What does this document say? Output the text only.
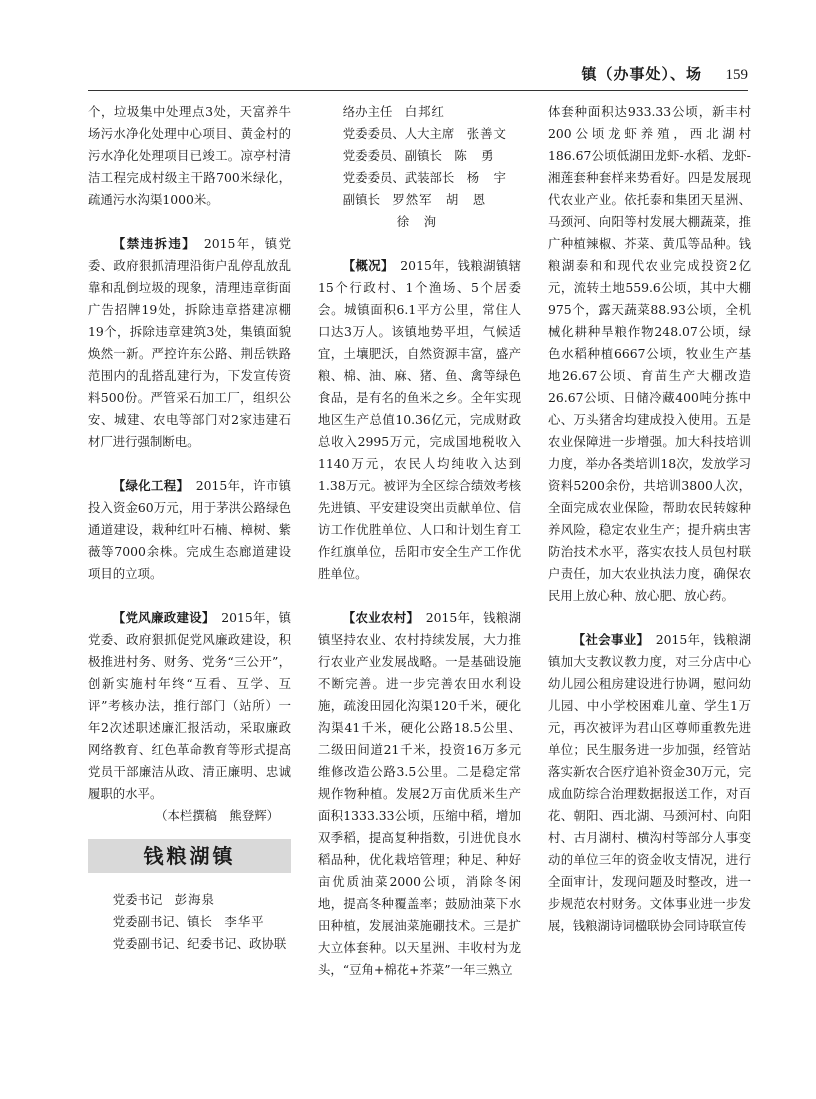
镇（办事处）、场 159

个，垃圾集中处理点3处，天富养牛场污水净化处理中心项目、黄金村的污水净化处理项目已竣工。凉亭村清洁工程完成村级主干路700米绿化，疏通污水沟渠1000米。

【禁违拆违】　 2015年，镇党委、政府狠抓清理沿街户乱停乱放乱靠和乱倒垃圾的现象，清理违章街面广告招牌19处，拆除违章搭建凉棚19个，拆除违章建筑3处，集镇面貌焕然一新。严控许东公路、荆岳铁路范围内的乱搭乱建行为，下发宣传资料500份。严管采石加工厂，组织公安、城建、农电等部门对2家违建石材厂进行强制断电。

【绿化工程】　 2015年，许市镇投入资金60万元，用于茅洪公路绿色通道建设，栽种红叶石楠、樟树、紫薇等7000余株。完成生态廊道建设项目的立项。

【党风廉政建设】　 2015年，镇党委、政府狠抓促党风廉政建设，积极推进村务、财务、党务“三公开”，创新实施村年终“互看、互学、互评”考核办法，推行部门（站所）一年2次述职述廉汇报活动，采取廉政网络教育、红色革命教育等形式提高党员干部廉洁从政、清正廉明、忠诚履职的水平。

（本栏撰稿　熊登辉）

钱粮湖镇

党委书记　 彭海泉

党委副书记、镇长　 李华平

党委副书记、纪委书记、政协联

络办主任　 白邦红

党委委员、人大主席　 张善文

党委委员、副镇长　 陈　勇

党委委员、武装部长　 杨　宇

副镇长　 罗然军　胡　恩

徐　洵

【概况】　 2015年，钱粮湖镇辖15个行政村、1个渔场、5个居委会。城镇面积6.1平方公里，常住人口达3万人。该镇地势平坦，气候适宜，土壤肥沃，自然资源丰富，盛产粮、棉、油、麻、猪、鱼、禽等绿色食品，是有名的鱼米之乡。全年实现地区生产总值10.36亿元，完成财政总收入2995万元，完成国地税收入1140万元，农民人均纯收入达到1.38万元。被评为全区综合绩效考核先进镇、平安建设突出贡献单位、信访工作优胜单位、人口和计划生育工作红旗单位，岳阳市安全生产工作优胜单位。

【农业农村】　 2015年，钱粮湖镇坚持农业、农村持续发展，大力推行农业产业发展战略。一是基础设施不断完善。进一步完善农田水利设施，疏浚田园化沟渠120千米，硬化沟渠41千米，硬化公路18.5公里、二级田间道21千米，投资16万多元维修改造公路3.5公里。二是稳定常规作物种植。发展2万亩优质米生产面积1333.33公顷，压缩中稻，增加双季稻，提高复种指数，引进优良水稻品种，优化栽培管理；种足、种好亩优质油菜2000公顷，消除冬闲地，提高冬种覆盖率；鼓励油菜下水田种植，发展油菜施硼技术。三是扩大立体套种。以天星洲、丰收村为龙头，“豆角+棉花+芥菜”一年三熟立

体套种面积达933.33公顷，新丰村200公顷龙虾养殖，西北湖村186.67公顷低湖田龙虾-水稻、龙虾-湘莲套种套样来势看好。四是发展现代农业产业。依托泰和集团天星洲、马颈河、向阳等村发展大棚蔬菜，推广种植辣椒、芥菜、黄瓜等品种。钱粮湖泰和和现代农业完成投资2亿元，流转土地559.6公顷，其中大棚975个，露天蔬菜88.93公顷，全机械化耕种旱粮作物248.07公顷，绿色水稻种植6667公顷，牧业生产基地26.67公顷、育苗生产大棚改造26.67公顷、日储冷藏400吨分拣中心、万头猪舍均建成投入使用。五是农业保障进一步增强。加大科技培训力度，举办各类培训18次，发放学习资料5200余份，共培训3800人次，全面完成农业保险，帮助农民转嫁种养风险，稳定农业生产；提升病虫害防治技术水平，落实农技人员包村联户责任，加大农业执法力度，确保农民用上放心种、放心肥、放心药。

【社会事业】　 2015年，钱粮湖镇加大支教议教力度，对三分店中心幼儿园公租房建设进行协调，慰问幼儿园、中小学校困难儿童、学生1万元，再次被评为君山区尊师重教先进单位；民生服务进一步加强，经管站落实新农合医疗追补资金30万元，完成血防综合治理数据报送工作，对百花、朝阳、西北湖、马颈河村、向阳村、古月湖村、横沟村等部分人事变动的单位三年的资金收支情况，进行全面审计，发现问题及时整改，进一步规范农村财务。文体事业进一步发展，钱粮湖诗词楹联协会同诗联宣传
